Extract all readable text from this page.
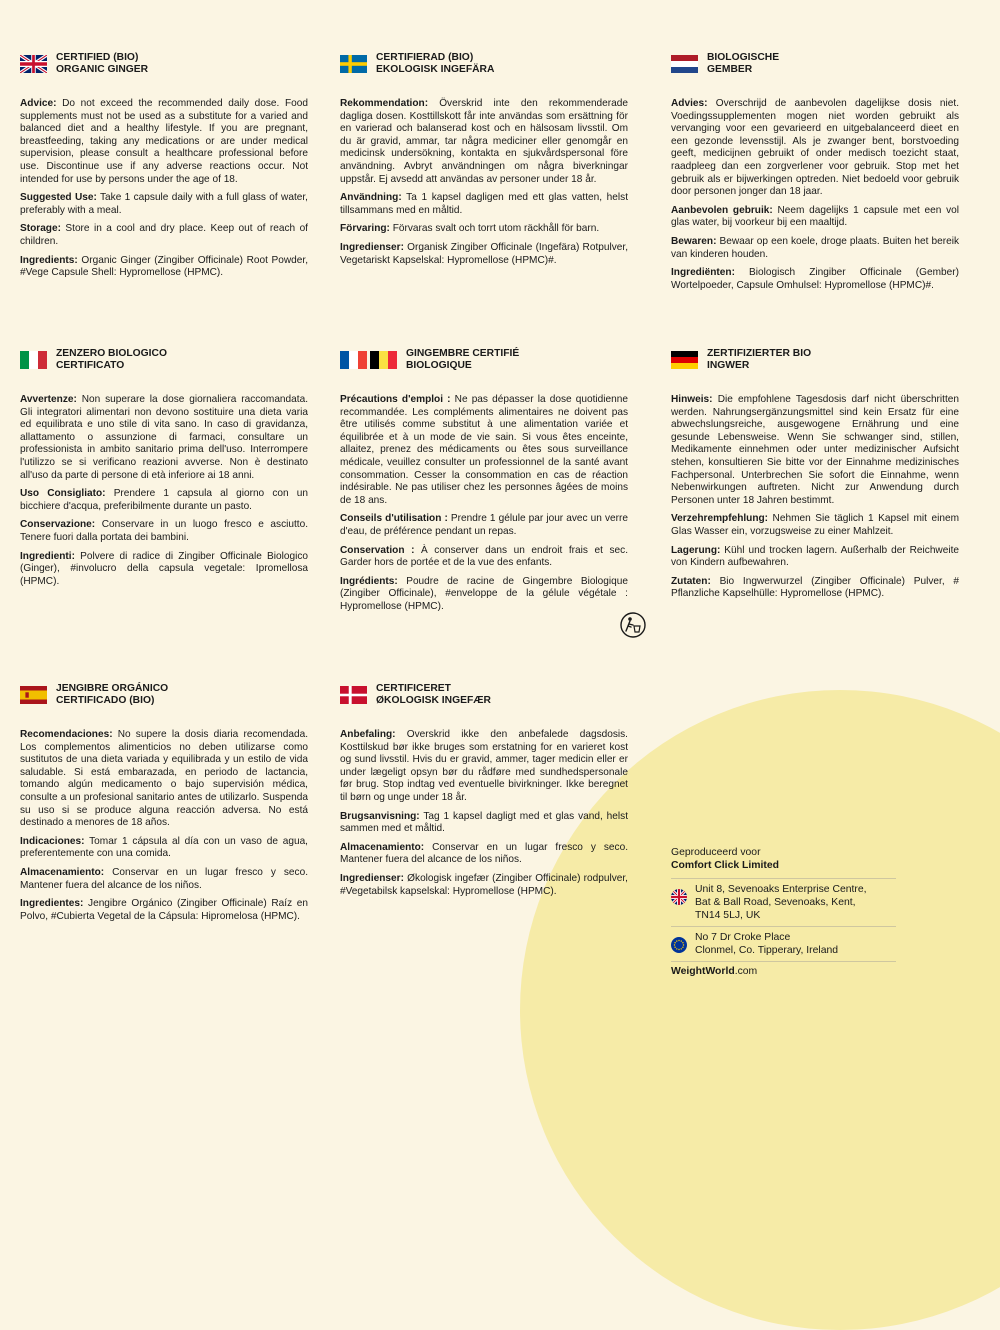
CERTIFIED (BIO)
ORGANIC GINGER

Advice: Do not exceed the recommended daily dose. Food supplements must not be used as a substitute for a varied and balanced diet and a healthy lifestyle. If you are pregnant, breastfeeding, taking any medications or are under medical supervision, please consult a healthcare professional before use. Discontinue use if any adverse reactions occur. Not intended for use by persons under the age of 18.

Suggested Use: Take 1 capsule daily with a full glass of water, preferably with a meal.

Storage: Store in a cool and dry place. Keep out of reach of children.

Ingredients: Organic Ginger (Zingiber Officinale) Root Powder, #Vege Capsule Shell: Hypromellose (HPMC).

CERTIFIERAD (BIO)
EKOLOGISK INGEFÄRA

Rekommendation: Överskrid inte den rekommenderade dagliga dosen. Kosttillskott får inte användas som ersättning för en varierad och balanserad kost och en hälsosam livsstil. Om du är gravid, ammar, tar några mediciner eller genomgår en medicinsk undersökning, kontakta en sjukvårdspersonal före användning. Avbryt användningen om några biverkningar uppstår. Ej avsedd att användas av personer under 18 år.

Användning: Ta 1 kapsel dagligen med ett glas vatten, helst tillsammans med en måltid.

Förvaring: Förvaras svalt och torrt utom räckhåll för barn.

Ingredienser: Organisk Zingiber Officinale (Ingefära) Rotpulver, Vegetariskt Kapselskal: Hypromellose (HPMC)#.

BIOLOGISCHE
GEMBER

Advies: Overschrijd de aanbevolen dagelijkse dosis niet. Voedingssupplementen mogen niet worden gebruikt als vervanging voor een gevarieerd en uitgebalanceerd dieet en een gezonde levensstijl. Als je zwanger bent, borstvoeding geeft, medicijnen gebruikt of onder medisch toezicht staat, raadpleeg dan een zorgverlener voor gebruik. Stop met het gebruik als er bijwerkingen optreden. Niet bedoeld voor gebruik door personen jonger dan 18 jaar.

Aanbevolen gebruik: Neem dagelijks 1 capsule met een vol glas water, bij voorkeur bij een maaltijd.

Bewaren: Bewaar op een koele, droge plaats. Buiten het bereik van kinderen houden.

Ingrediënten: Biologisch Zingiber Officinale (Gember) Wortelpoeder, Capsule Omhulsel: Hypromellose (HPMC)#.

ZENZERO BIOLOGICO
CERTIFICATO

Avvertenze: Non superare la dose giornaliera raccomandata. Gli integratori alimentari non devono sostituire una dieta varia ed equilibrata e uno stile di vita sano. In caso di gravidanza, allattamento o assunzione di farmaci, consultare un professionista in ambito sanitario prima dell'uso. Interrompere l'utilizzo se si verificano reazioni avverse. Non è destinato all'uso da parte di persone di età inferiore ai 18 anni.

Uso Consigliato: Prendere 1 capsula al giorno con un bicchiere d'acqua, preferibilmente durante un pasto.

Conservazione: Conservare in un luogo fresco e asciutto. Tenere fuori dalla portata dei bambini.

Ingredienti: Polvere di radice di Zingiber Officinale Biologico (Ginger), #involucro della capsula vegetale: Ipromellosa (HPMC).

GINGEMBRE CERTIFIÉ
BIOLOGIQUE

Précautions d'emploi : Ne pas dépasser la dose quotidienne recommandée. Les compléments alimentaires ne doivent pas être utilisés comme substitut à une alimentation variée et équilibrée et à un mode de vie sain. Si vous êtes enceinte, allaitez, prenez des médicaments ou êtes sous surveillance médicale, veuillez consulter un professionnel de la santé avant consommation. Cesser la consommation en cas de réaction indésirable. Ne pas utiliser chez les personnes âgées de moins de 18 ans.

Conseils d'utilisation : Prendre 1 gélule par jour avec un verre d'eau, de préférence pendant un repas.

Conservation : À conserver dans un endroit frais et sec. Garder hors de portée et de la vue des enfants.

Ingrédients: Poudre de racine de Gingembre Biologique (Zingiber Officinale), #enveloppe de la gélule végétale : Hypromellose (HPMC).

ZERTIFIZIERTER BIO
INGWER

Hinweis: Die empfohlene Tagesdosis darf nicht überschritten werden. Nahrungsergänzungsmittel sind kein Ersatz für eine abwechslungsreiche, ausgewogene Ernährung und eine gesunde Lebensweise. Wenn Sie schwanger sind, stillen, Medikamente einnehmen oder unter medizinischer Aufsicht stehen, konsultieren Sie bitte vor der Einnahme medizinisches Fachpersonal. Unterbrechen Sie sofort die Einnahme, wenn Nebenwirkungen auftreten. Nicht zur Anwendung durch Personen unter 18 Jahren bestimmt.

Verzehrempfehlung: Nehmen Sie täglich 1 Kapsel mit einem Glas Wasser ein, vorzugsweise zu einer Mahlzeit.

Lagerung: Kühl und trocken lagern. Außerhalb der Reichweite von Kindern aufbewahren.

Zutaten: Bio Ingwerwurzel (Zingiber Officinale) Pulver, # Pflanzliche Kapselhülle: Hypromellose (HPMC).

JENGIBRE ORGÁNICO
CERTIFICADO (BIO)

Recomendaciones: No supere la dosis diaria recomendada. Los complementos alimenticios no deben utilizarse como sustitutos de una dieta variada y equilibrada y un estilo de vida saludable. Si está embarazada, en periodo de lactancia, tomando algún medicamento o bajo supervisión médica, consulte a un profesional sanitario antes de utilizarlo. Suspenda su uso si se produce alguna reacción adversa. No está destinado a menores de 18 años.

Indicaciones: Tomar 1 cápsula al día con un vaso de agua, preferentemente con una comida.

Almacenamiento: Conservar en un lugar fresco y seco. Mantener fuera del alcance de los niños.

Ingredientes: Jengibre Orgánico (Zingiber Officinale) Raíz en Polvo, #Cubierta Vegetal de la Cápsula: Hipromelosa (HPMC).

CERTIFICERET
ØKOLOGISK INGEFÆR

Anbefaling: Overskrid ikke den anbefalede dagsdosis. Kosttilskud bør ikke bruges som erstatning for en varieret kost og sund livsstil. Hvis du er gravid, ammer, tager medicin eller er under lægeligt opsyn bør du rådføre med sundhedspersonale før brug. Stop indtag ved eventuelle bivirkninger. Ikke beregnet til børn og unge under 18 år.

Brugsanvisning: Tag 1 kapsel dagligt med et glas vand, helst sammen med et måltid.

Almacenamiento: Conservar en un lugar fresco y seco. Mantener fuera del alcance de los niños.

Ingredienser: Økologisk ingefær (Zingiber Officinale) rodpulver, #Vegetabilsk kapselskal: Hypromellose (HPMC).

Geproduceerd voor
Comfort Click Limited
Unit 8, Sevenoaks Enterprise Centre,
Bat & Ball Road, Sevenoaks, Kent,
TN14 5LJ, UK
No 7 Dr Croke Place
Clonmel, Co. Tipperary, Ireland
WeightWorld.com
